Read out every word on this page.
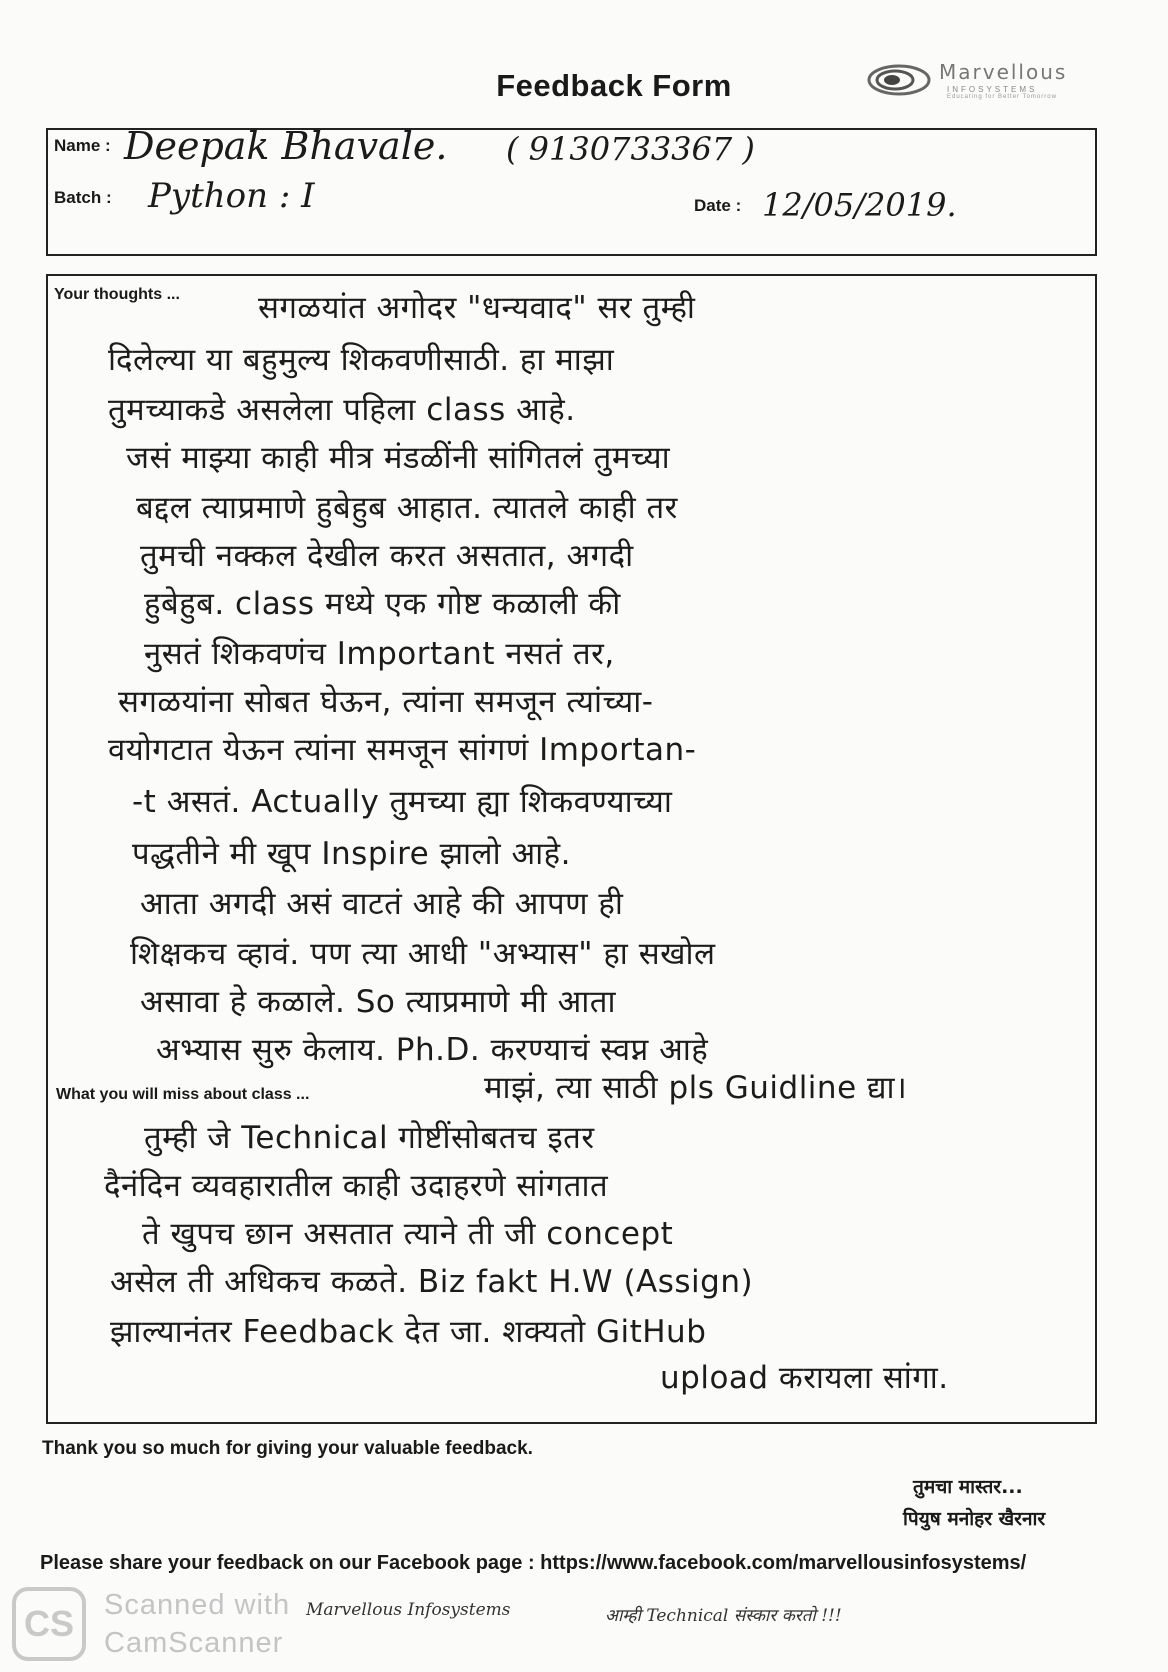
Feedback Form	Marvellous
INFOSYSTEMS
Educating for Better Tomorrow
Name : Deepak Bhavale. ( 9130733367 )
Batch : Python : I	Date : 12/05/2019.
Your thoughts ...	सगळयांत अगोदर "धन्यवाद" सर तुम्ही
दिलेल्या या बहुमुल्य शिकवणीसाठी. हा माझा
तुमच्याकडे असलेला पहिला class आहे.
जसं माझ्या काही मीत्र मंडळींनी सांगितलं तुमच्या
बद्दल त्याप्रमाणे हुबेहुब आहात. त्यातले काही तर
तुमची नक्कल देखील करत असतात, अगदी
हुबेहुब. class मध्ये एक गोष्ट कळाली की
नुसतं शिकवणंच Important नसतं तर,
सगळयांना सोबत घेऊन, त्यांना समजून त्यांच्या-
वयोगटात येऊन त्यांना समजून सांगणं Importan-
-t असतं. Actually तुमच्या ह्या शिकवण्याच्या
पद्धतीने मी खूप Inspire झालो आहे.
आता अगदी असं वाटतं आहे की आपण ही
शिक्षकच व्हावं. पण त्या आधी "अभ्यास" हा सखोल
असावा हे कळाले. So त्याप्रमाणे मी आता
अभ्यास सुरु केलाय. Ph.D. करण्याचं स्वप्न आहे
माझं, त्या साठी pls Guidline द्या।
What you will miss about class ...
तुम्ही जे Technical गोष्टींसोबतच इतर
दैनंदिन व्यवहारातील काही उदाहरणे सांगतात
ते खुपच छान असतात त्याने ती जी concept
असेल ती अधिकच कळते. Biz fakt H.W (Assign)
झाल्यानंतर Feedback देत जा. शक्यतो GitHub
upload करायला सांगा.
Thank you so much for giving your valuable feedback.
तुमचा मास्तर...
पियुष मनोहर खैरनार
Please share your feedback on our Facebook page : https://www.facebook.com/marvellousinfosystems/
CS	Scanned with
CamScanner
Marvellous Infosystems	आम्ही Technical संस्कार करतो !!!
